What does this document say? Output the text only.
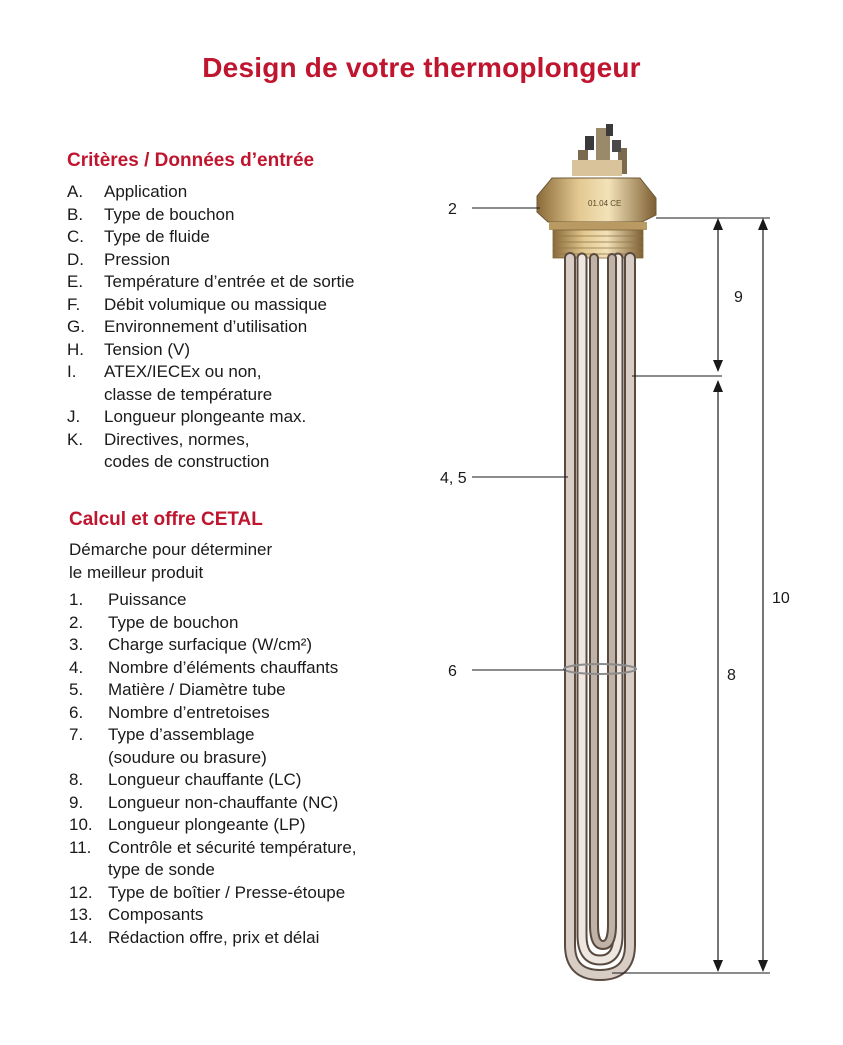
Design de votre thermoplongeur
Critères / Données d’entrée
A. Application
B. Type de bouchon
C. Type de fluide
D. Pression
E. Température d’entrée et de sortie
F. Débit volumique ou massique
G. Environnement d’utilisation
H. Tension (V)
I. ATEX/IECEx ou non,
classe de température
J. Longueur plongeante max.
K. Directives, normes,
codes de construction
Calcul et offre CETAL
Démarche pour déterminer
le meilleur produit
1. Puissance
2. Type de bouchon
3. Charge surfacique (W/cm²)
4. Nombre d’éléments chauffants
5. Matière / Diamètre tube
6. Nombre d’entretoises
7. Type d’assemblage
(soudure ou brasure)
8. Longueur chauffante (LC)
9. Longueur non-chauffante (NC)
10. Longueur plongeante (LP)
11. Contrôle et sécurité température,
type de sonde
12. Type de boîtier / Presse-étoupe
13. Composants
14. Rédaction offre, prix et délai
01.04 CE
2
4, 5
6
9
8
10
